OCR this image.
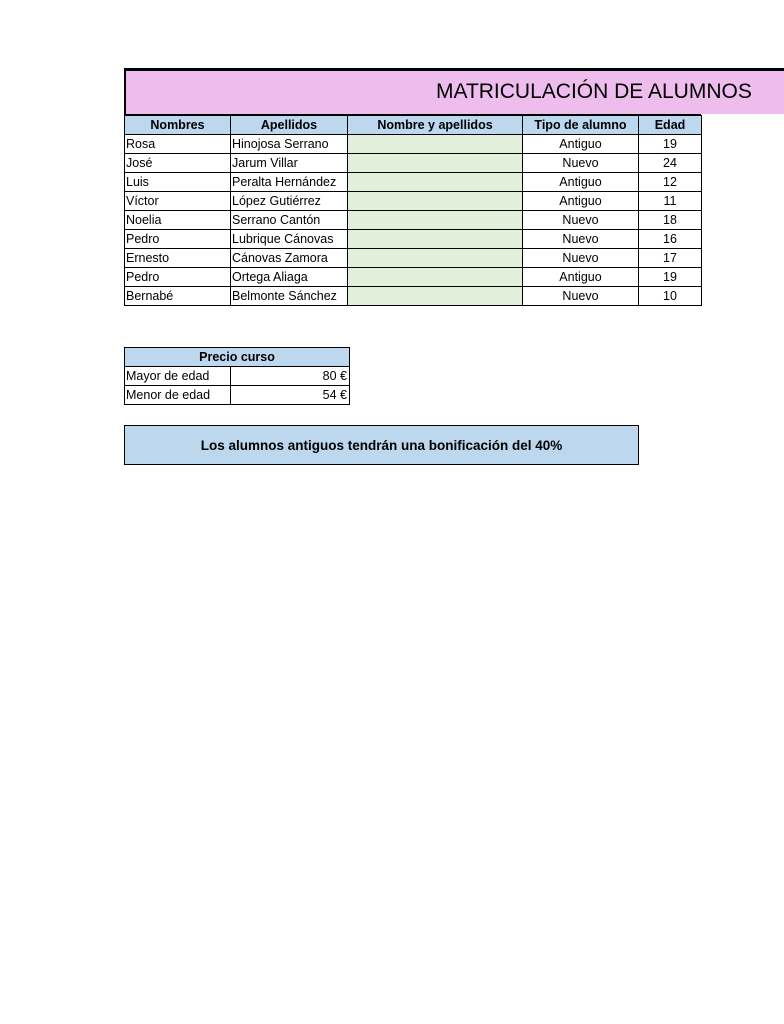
MATRICULACIÓN DE ALUMNOS
Nombres	Apellidos	Nombre y apellidos	Tipo de alumno	Edad
Rosa	Hinojosa Serrano		Antiguo	19
José	Jarum Villar		Nuevo	24
Luis	Peralta Hernández		Antiguo	12
Víctor	López Gutiérrez		Antiguo	11
Noelia	Serrano Cantón		Nuevo	18
Pedro	Lubrique Cánovas		Nuevo	16
Ernesto	Cánovas Zamora		Nuevo	17
Pedro	Ortega Aliaga		Antiguo	19
Bernabé	Belmonte Sánchez		Nuevo	10
Precio curso	
Mayor de edad	80 €
Menor de edad	54 €
Los alumnos antiguos tendrán una bonificación del 40%
